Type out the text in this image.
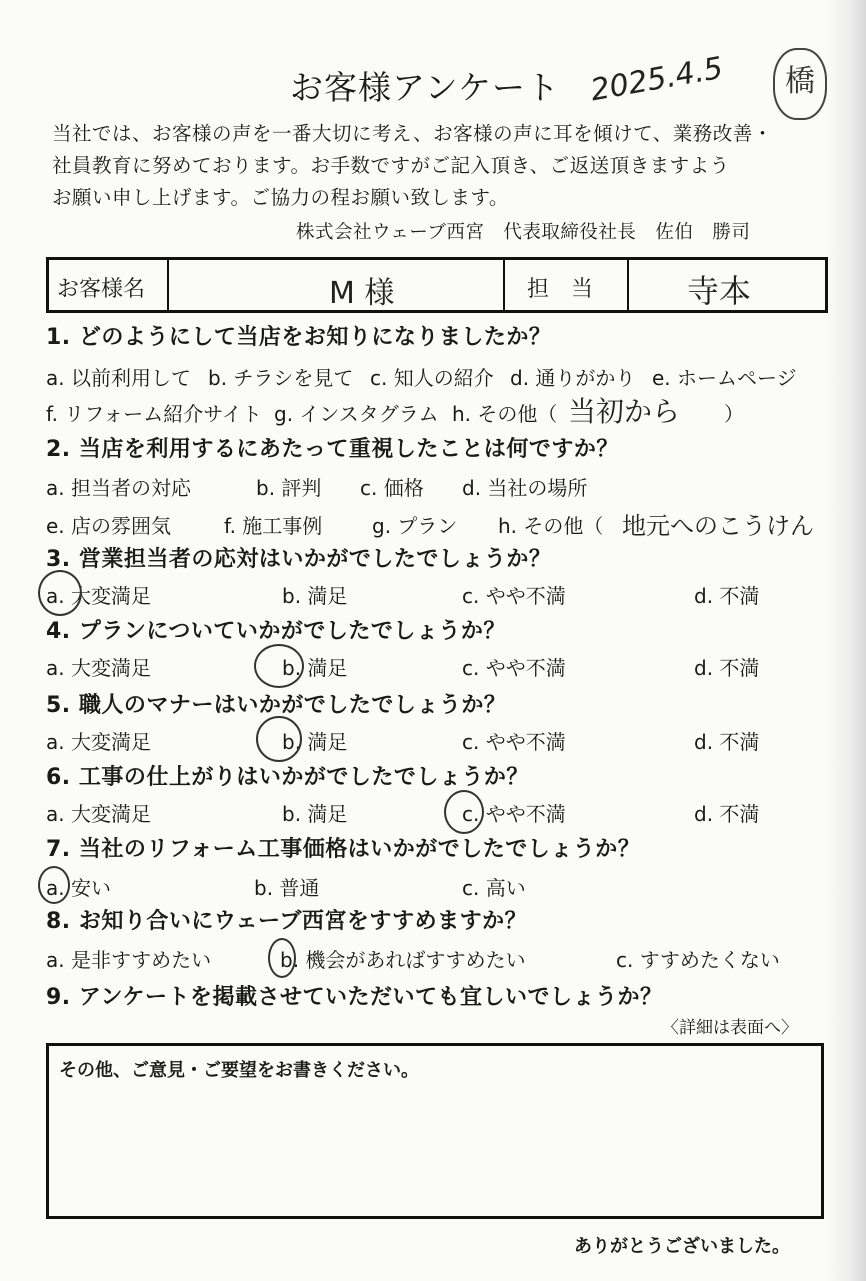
お客様アンケート 2025.4.5	橋
当社では、お客様の声を一番大切に考え、お客様の声に耳を傾けて、業務改善・
社員教育に努めております。お手数ですがご記入頂き、ご返送頂きますよう
お願い申し上げます。ご協力の程お願い致します。
株式会社ウェーブ西宮　代表取締役社長　佐伯　勝司
お客様名	M 様	担　当	寺本
1. どのようにして当店をお知りになりましたか？
a. 以前利用して b. チラシを見て c. 知人の紹介 d. 通りがかり e. ホームページ
f. リフォーム紹介サイト g. インスタグラム h. その他（ 当初から ）
2. 当店を利用するにあたって重視したことは何ですか？
a. 担当者の対応	b. 評判 c. 価格 d. 当社の場所
e. 店の雰囲気	f. 施工事例 g. プラン h. その他（ 地元へのこうけん
3. 営業担当者の応対はいかがでしたでしょうか？
a. 大変満足	b. 満足	c. やや不満	d. 不満
4. プランについていかがでしたでしょうか？
a. 大変満足	b. 満足	c. やや不満	d. 不満
5. 職人のマナーはいかがでしたでしょうか？
a. 大変満足	b. 満足	c. やや不満	d. 不満
6. 工事の仕上がりはいかがでしたでしょうか？
a. 大変満足	b. 満足	c. やや不満	d. 不満
7. 当社のリフォーム工事価格はいかがでしたでしょうか？
a. 安い	b. 普通	c. 高い
8. お知り合いにウェーブ西宮をすすめますか？
a. 是非すすめたい	b. 機会があればすすめたい	c. すすめたくない
9. アンケートを掲載させていただいても宜しいでしょうか？
〈詳細は表面へ〉
その他、ご意見・ご要望をお書きください。
ありがとうございました。
